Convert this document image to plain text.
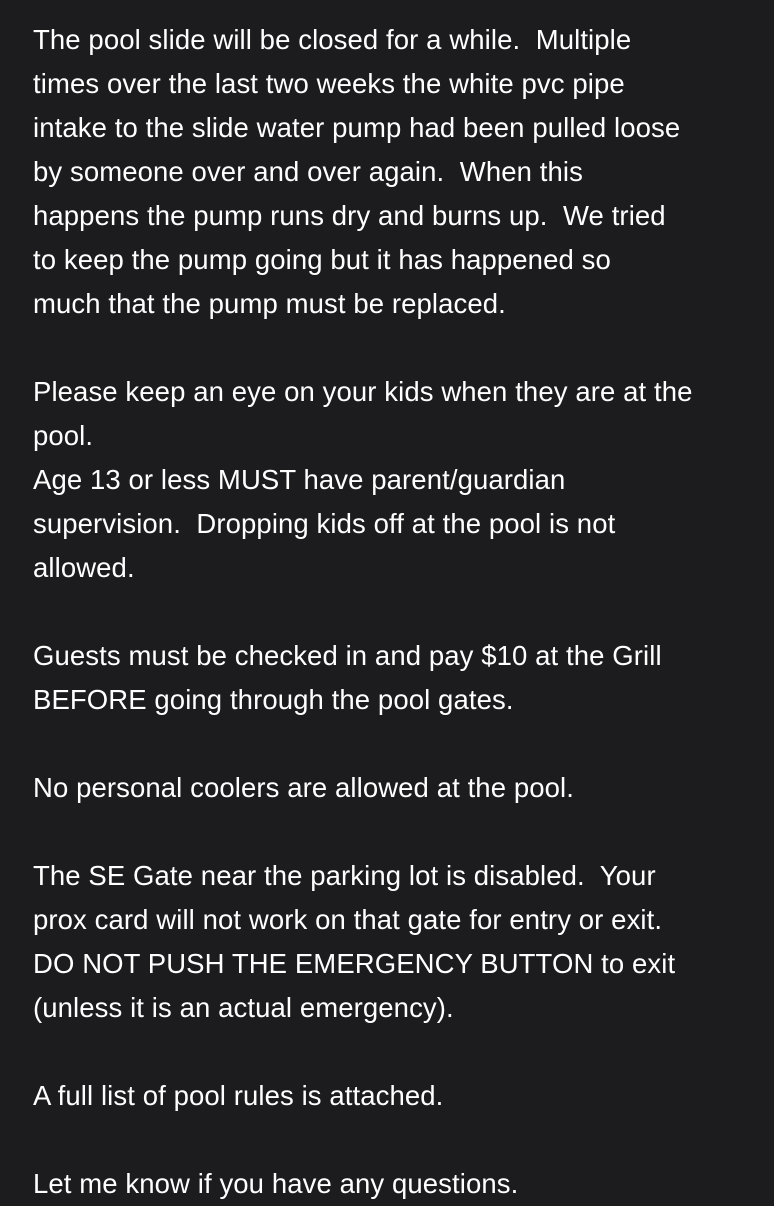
The pool slide will be closed for a while.  Multiple
times over the last two weeks the white pvc pipe
intake to the slide water pump had been pulled loose
by someone over and over again.  When this
happens the pump runs dry and burns up.  We tried
to keep the pump going but it has happened so
much that the pump must be replaced.
Please keep an eye on your kids when they are at the
pool.
Age 13 or less MUST have parent/guardian
supervision.  Dropping kids off at the pool is not
allowed.
Guests must be checked in and pay $10 at the Grill
BEFORE going through the pool gates.
No personal coolers are allowed at the pool.
The SE Gate near the parking lot is disabled.  Your
prox card will not work on that gate for entry or exit.
DO NOT PUSH THE EMERGENCY BUTTON to exit
(unless it is an actual emergency).
A full list of pool rules is attached.
Let me know if you have any questions.
